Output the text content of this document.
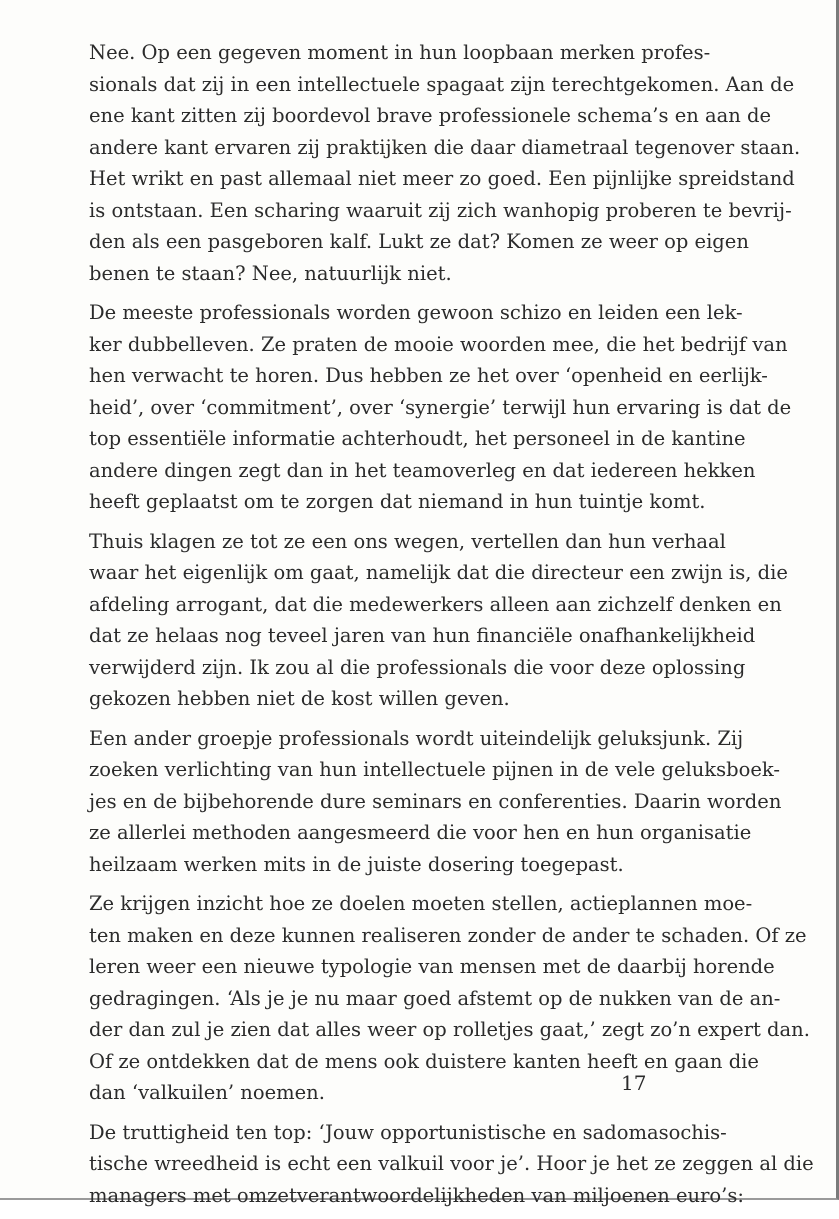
Nee. Op een gegeven moment in hun loopbaan merken profes-
sionals dat zij in een intellectuele spagaat zijn terechtgekomen. Aan de
ene kant zitten zij boordevol brave professionele schema’s en aan de
andere kant ervaren zij praktijken die daar diametraal tegenover staan.
Het wrikt en past allemaal niet meer zo goed. Een pijnlijke spreidstand
is ontstaan. Een scharing waaruit zij zich wanhopig proberen te bevrij-
den als een pasgeboren kalf. Lukt ze dat? Komen ze weer op eigen
benen te staan? Nee, natuurlijk niet.

De meeste professionals worden gewoon schizo en leiden een lek-
ker dubbelleven. Ze praten de mooie woorden mee, die het bedrijf van
hen verwacht te horen. Dus hebben ze het over ‘openheid en eerlijk-
heid’, over ‘commitment’, over ‘synergie’ terwijl hun ervaring is dat de
top essentiële informatie achterhoudt, het personeel in de kantine
andere dingen zegt dan in het teamoverleg en dat iedereen hekken
heeft geplaatst om te zorgen dat niemand in hun tuintje komt.

Thuis klagen ze tot ze een ons wegen, vertellen dan hun verhaal
waar het eigenlijk om gaat, namelijk dat die directeur een zwijn is, die
afdeling arrogant, dat die medewerkers alleen aan zichzelf denken en
dat ze helaas nog teveel jaren van hun financiële onafhankelijkheid
verwijderd zijn. Ik zou al die professionals die voor deze oplossing
gekozen hebben niet de kost willen geven.

Een ander groepje professionals wordt uiteindelijk geluksjunk. Zij
zoeken verlichting van hun intellectuele pijnen in de vele geluksboek-
jes en de bijbehorende dure seminars en conferenties. Daarin worden
ze allerlei methoden aangesmeerd die voor hen en hun organisatie
heilzaam werken mits in de juiste dosering toegepast.

Ze krijgen inzicht hoe ze doelen moeten stellen, actieplannen moe-
ten maken en deze kunnen realiseren zonder de ander te schaden. Of ze
leren weer een nieuwe typologie van mensen met de daarbij horende
gedragingen. ‘Als je je nu maar goed afstemt op de nukken van de an-
der dan zul je zien dat alles weer op rolletjes gaat,’ zegt zo’n expert dan.
Of ze ontdekken dat de mens ook duistere kanten heeft en gaan die
dan ‘valkuilen’ noemen.

De truttigheid ten top: ‘Jouw opportunistische en sadomasochis-
tische wreedheid is echt een valkuil voor je’. Hoor je het ze zeggen al die
managers met omzetverantwoordelijkheden van miljoenen euro’s:

17
